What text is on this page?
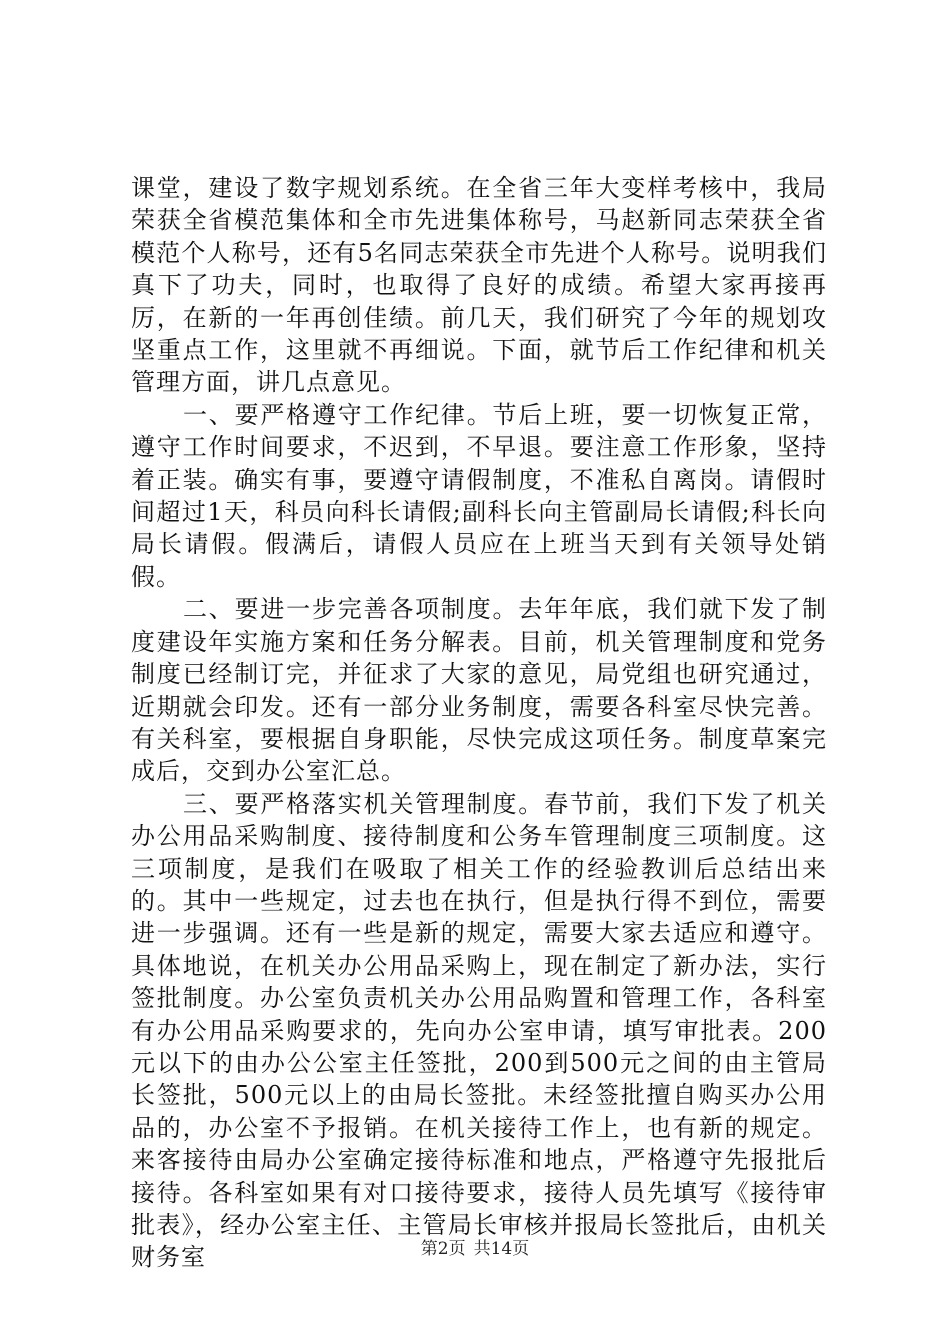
课堂，建设了数字规划系统。在全省三年大变样考核中，我局荣获全省模范集体和全市先进集体称号，马赵新同志荣获全省模范个人称号，还有5名同志荣获全市先进个人称号。说明我们真下了功夫，同时，也取得了良好的成绩。希望大家再接再厉，在新的一年再创佳绩。前几天，我们研究了今年的规划攻坚重点工作，这里就不再细说。下面，就节后工作纪律和机关管理方面，讲几点意见。

一、要严格遵守工作纪律。节后上班，要一切恢复正常，遵守工作时间要求，不迟到，不早退。要注意工作形象，坚持着正装。确实有事，要遵守请假制度，不准私自离岗。请假时间超过1天，科员向科长请假;副科长向主管副局长请假;科长向局长请假。假满后，请假人员应在上班当天到有关领导处销假。

二、要进一步完善各项制度。去年年底，我们就下发了制度建设年实施方案和任务分解表。目前，机关管理制度和党务制度已经制订完，并征求了大家的意见，局党组也研究通过，近期就会印发。还有一部分业务制度，需要各科室尽快完善。有关科室，要根据自身职能，尽快完成这项任务。制度草案完成后，交到办公室汇总。

三、要严格落实机关管理制度。春节前，我们下发了机关办公用品采购制度、接待制度和公务车管理制度三项制度。这三项制度，是我们在吸取了相关工作的经验教训后总结出来的。其中一些规定，过去也在执行，但是执行得不到位，需要进一步强调。还有一些是新的规定，需要大家去适应和遵守。具体地说，在机关办公用品采购上，现在制定了新办法，实行签批制度。办公室负责机关办公用品购置和管理工作，各科室有办公用品采购要求的，先向办公室申请，填写审批表。200元以下的由办公公室主任签批，200到500元之间的由主管局长签批，500元以上的由局长签批。未经签批擅自购买办公用品的，办公室不予报销。在机关接待工作上，也有新的规定。来客接待由局办公室确定接待标准和地点，严格遵守先报批后接待。各科室如果有对口接待要求，接待人员先填写《接待审批表》，经办公室主任、主管局长审核并报局长签批后，由机关财务室	第2页 共14页
